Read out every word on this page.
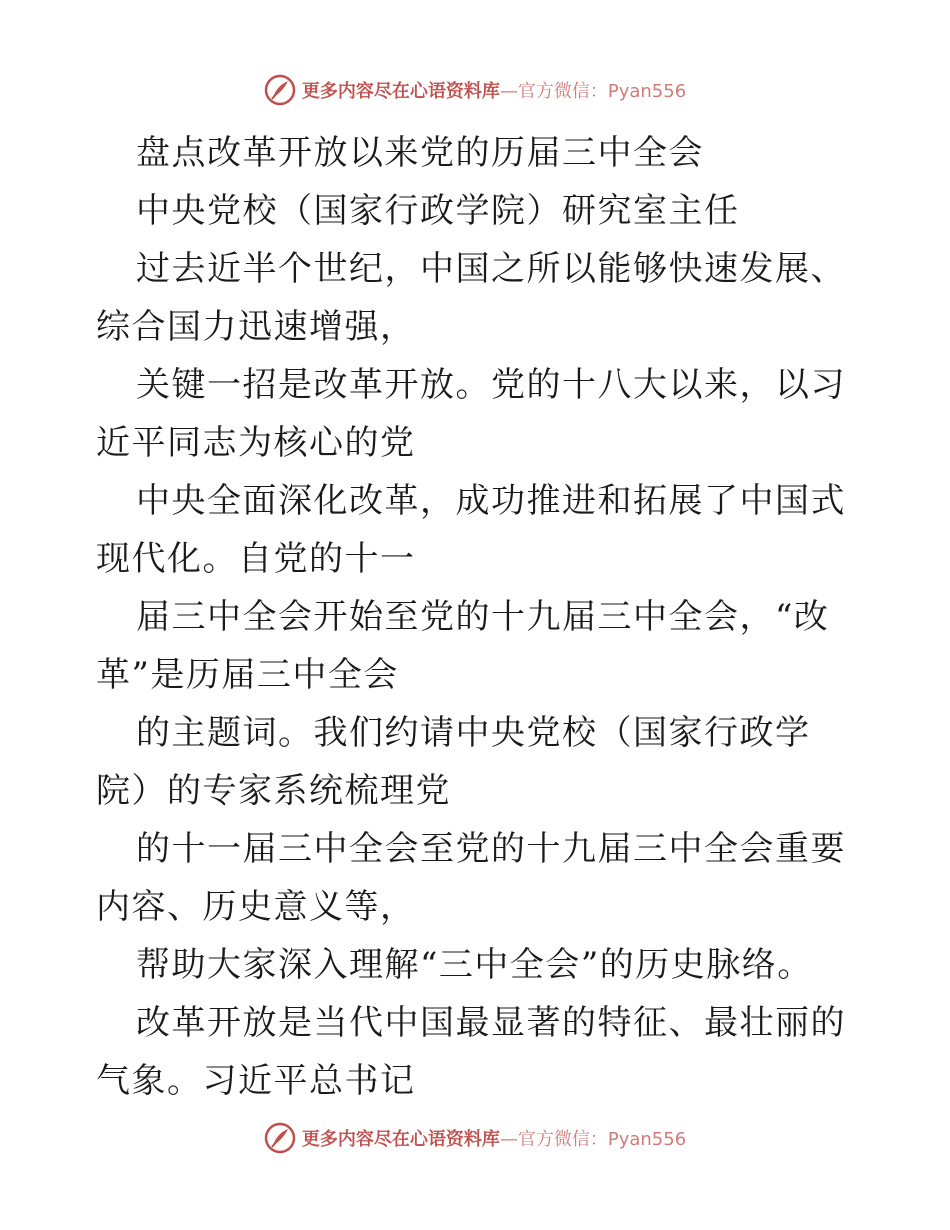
更多内容尽在心语资料库—官方微信：Pyan556

盘点改革开放以来党的历届三中全会

中央党校（国家行政学院）研究室主任

过去近半个世纪，中国之所以能够快速发展、综合国力迅速增强，

关键一招是改革开放。党的十八大以来，以习近平同志为核心的党

中央全面深化改革，成功推进和拓展了中国式现代化。自党的十一

届三中全会开始至党的十九届三中全会，“改革”是历届三中全会

的主题词。我们约请中央党校（国家行政学院）的专家系统梳理党

的十一届三中全会至党的十九届三中全会重要内容、历史意义等，

帮助大家深入理解“三中全会”的历史脉络。

改革开放是当代中国最显著的特征、最壮丽的气象。习近平总书记

更多内容尽在心语资料库—官方微信：Pyan556
